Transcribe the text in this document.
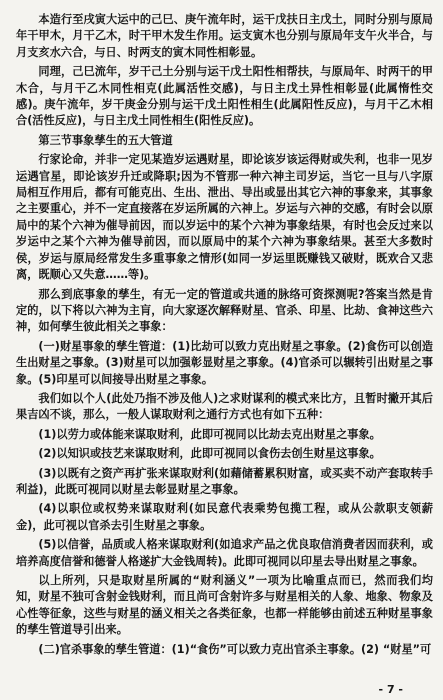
本造行至戌寅大运中的己巳、庚午流年时，运干戊扶日主戊土，同时分别与原局年干甲木，月干乙木，时干甲木发生作用。运支寅木也分别与原局年支午火半合，与月支亥水六合，与日、时两支的寅木同性相彰显。

同理，己巳流年，岁干己土分别与运干戊土阳性相帮扶，与原局年、时两干的甲木合，与月干乙木同性相克(此属活性交感)，与日主戊土异性相彰显(此属惰性交感)。庚午流年，岁干庚金分别与运干戊土阳性相生(此属阳性反应)，与月干乙木相合(活性反应)，与日主戊土同性相生(阳性反应)。

第三节事象孳生的五大管道

行家论命，并非一定见某造岁运遇财星，即论该岁该运得财或失利，也非一见岁运遇官星，即论该岁升迁或降职;因为不管那一种六神主司岁运，当它一旦与八字原局相互作用后，都有可能克出、生出、泄出、导出或显出其它六神的事象来，其事象之主要重心，并不一定直接落在岁运所属的六神上。岁运与六神的交感，有时会以原局中的某个六神为催导前因，而以岁运中的某个六神为事象结果，有时也会反过来以岁运中之某个六神为催导前因，而以原局中的某个六神为事象结果。甚至大多数时侯，岁运与原局经常发生多重事象之情形(如同一岁运里既赚钱又破财，既欢合又悲离，既顺心又失意……等)。

那么到底事象的孳生，有无一定的管道或共通的脉络可资探测呢?答案当然是肯定的，以下将以六神为主肓，向大家逐次解释财星、官杀、印星、比劫、食神这些六神，如何孳生彼此相关之事象：

(一)财星事象的孳生管道：(1)比劫可以致力克出财星之事象。(2)食伤可以创造生出财星之事象。(3)财星可以加强彰显财星之事象。(4)官杀可以辗转引出财星之事象。(5)印星可以间接导出财星之事象。

我们如以个人(此处乃指不涉及他人)之求财谋利的模式来比方，且暂时撇开其后果吉凶不谈，那么，一般人谋取财利之通行方式也有如下五种：

(1)以劳力或体能来谋取财利，此即可视同以比劫去克出财星之事象。

(2)以知识或技艺来谋取财利，此即可视同以食伤去创生财星这事象。

(3)以既有之资产再扩张来谋取财利(如藉储蓄累积财富，或买卖不动产套取转手利益)，此既可视同以财星去彰显财星之事象。

(4)以职位或权势来谋取财利(如民意代表乘势包揽工程，或从公款职支领薪金)，此可视以官杀去引生财星之事象。

(5)以信誉，品质或人格来谋取财利(如追求产品之优良取信消费者因而获利，或培养高度信誉和德誉人格遂扩大金钱周转)。此即可视同以印星去导出财星之事象。

以上所列，只是取财星所属的“财利涵义”一项为比喻重点而已，然而我们均知，财星不独可含射金钱财利，而且尚可含射许多与财星相关的人象、地象、物象及心性等征象，这些与财星的涵义相关之各类征象，也都一样能够由前述五种财星事象的孳生管道导引出来。

(二)官杀事象的孳生管道：(1)“食伤”可以致力克出官杀主事象。(2) “财星”可

- 7 -
